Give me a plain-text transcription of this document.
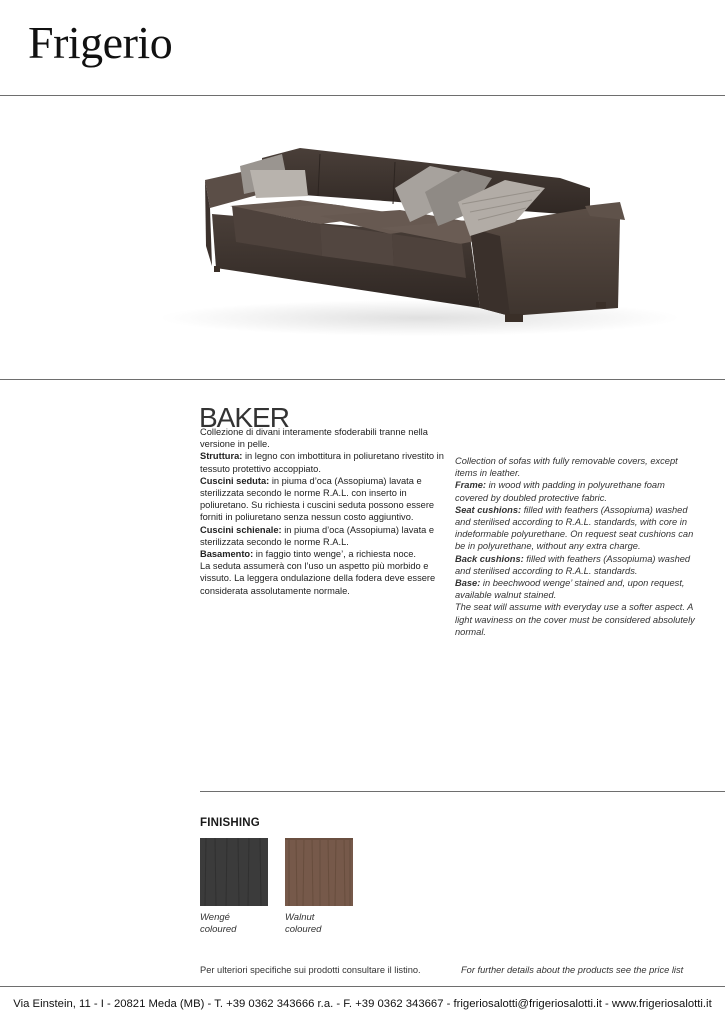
Frigerio
BAKER
Collezione di divani interamente sfoderabili tranne nella versione in pelle.
Struttura: in legno con imbottitura in poliuretano rivestito in tessuto protettivo accoppiato.
Cuscini seduta: in piuma d’oca (Assopiuma) lavata e sterilizzata secondo le norme R.A.L. con inserto in poliuretano. Su richiesta i cuscini seduta possono essere forniti in poliuretano senza nessun costo aggiuntivo.
Cuscini schienale: in piuma d’oca (Assopiuma) lavata e sterilizzata secondo le norme R.A.L.
Basamento: in faggio tinto wenge’, a richiesta noce.
La seduta assumerà con l’uso un aspetto più morbido e vissuto. La leggera ondulazione della fodera deve essere considerata assolutamente normale.
Collection of sofas with fully removable covers, except items in leather.
Frame: in wood with padding in polyurethane foam covered by doubled protective fabric.
Seat cushions: filled with feathers (Assopiuma) washed and sterilised according to R.A.L. standards, with core in indeformable polyurethane. On request seat cushions can be in polyurethane, without any extra charge.
Back cushions: filled with feathers (Assopiuma) washed and sterilised according to R.A.L. standards.
Base: in beechwood wenge’ stained and, upon request, available walnut stained.
The seat will assume with everyday use a softer aspect. A light waviness on the cover must be considered absolutely normal.
FINISHING
Wengé
coloured
Walnut
coloured
Per ulteriori specifiche sui prodotti consultare il listino.	For further details about the products see the price list
Via Einstein, 11 - I - 20821 Meda (MB) - T. +39 0362 343666 r.a. - F. +39 0362 343667 - frigeriosalotti@frigeriosalotti.it - www.frigeriosalotti.it
